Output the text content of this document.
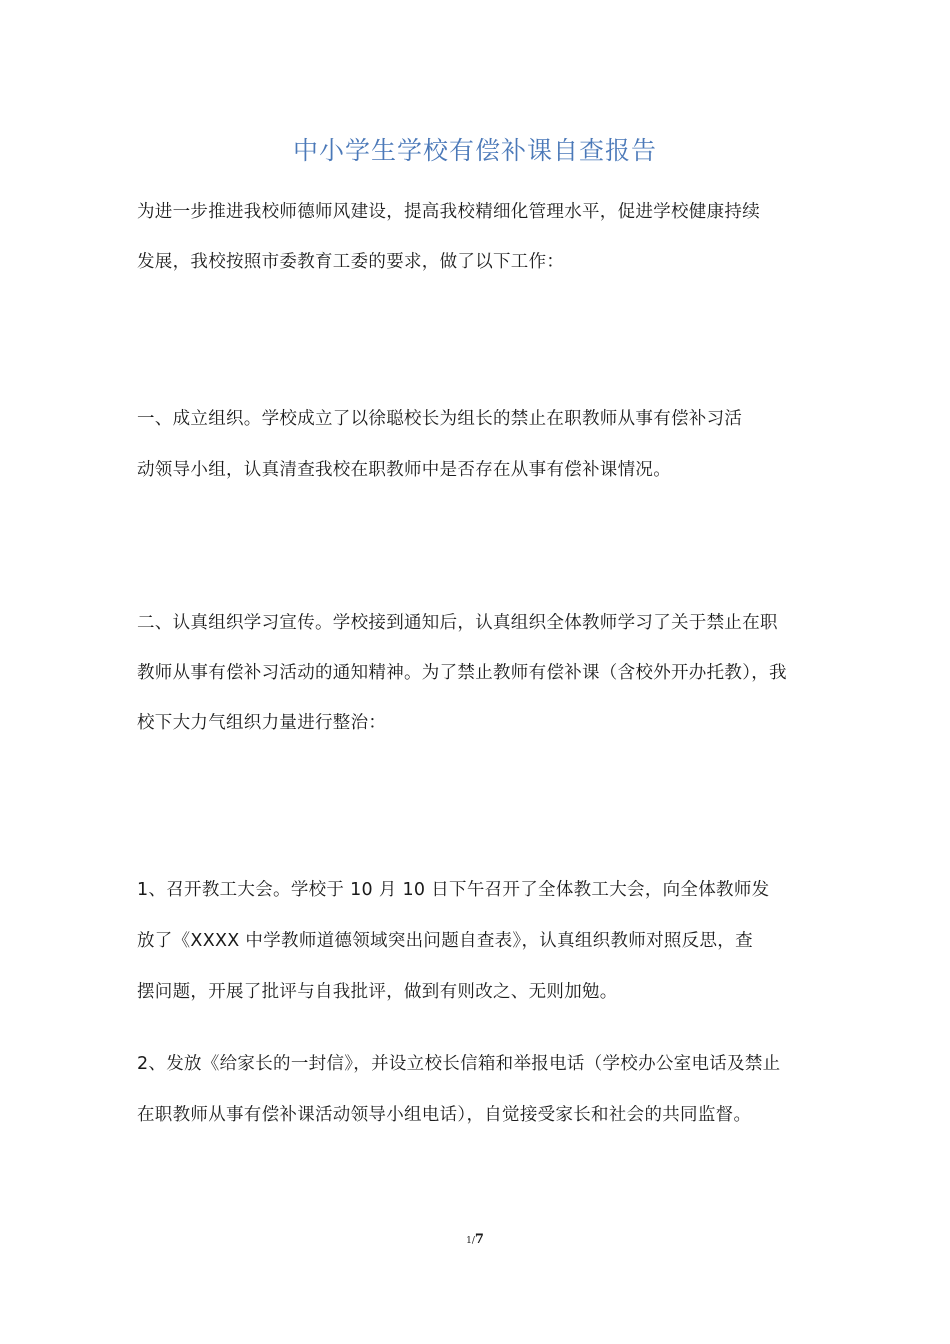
中小学生学校有偿补课自查报告
为进一步推进我校师德师风建设，提高我校精细化管理水平，促进学校健康持续
发展，我校按照市委教育工委的要求，做了以下工作：
一、成立组织。学校成立了以徐聪校长为组长的禁止在职教师从事有偿补习活
动领导小组，认真清查我校在职教师中是否存在从事有偿补课情况。
二、认真组织学习宣传。学校接到通知后，认真组织全体教师学习了关于禁止在职
教师从事有偿补习活动的通知精神。为了禁止教师有偿补课（含校外开办托教），我
校下大力气组织力量进行整治：
1、召开教工大会。学校于 10 月 10 日下午召开了全体教工大会，向全体教师发
放了《XXXX 中学教师道德领域突出问题自查表》，认真组织教师对照反思，查
摆问题，开展了批评与自我批评，做到有则改之、无则加勉。
2、发放《给家长的一封信》，并设立校长信箱和举报电话（学校办公室电话及禁止
在职教师从事有偿补课活动领导小组电话），自觉接受家长和社会的共同监督。
1/7
